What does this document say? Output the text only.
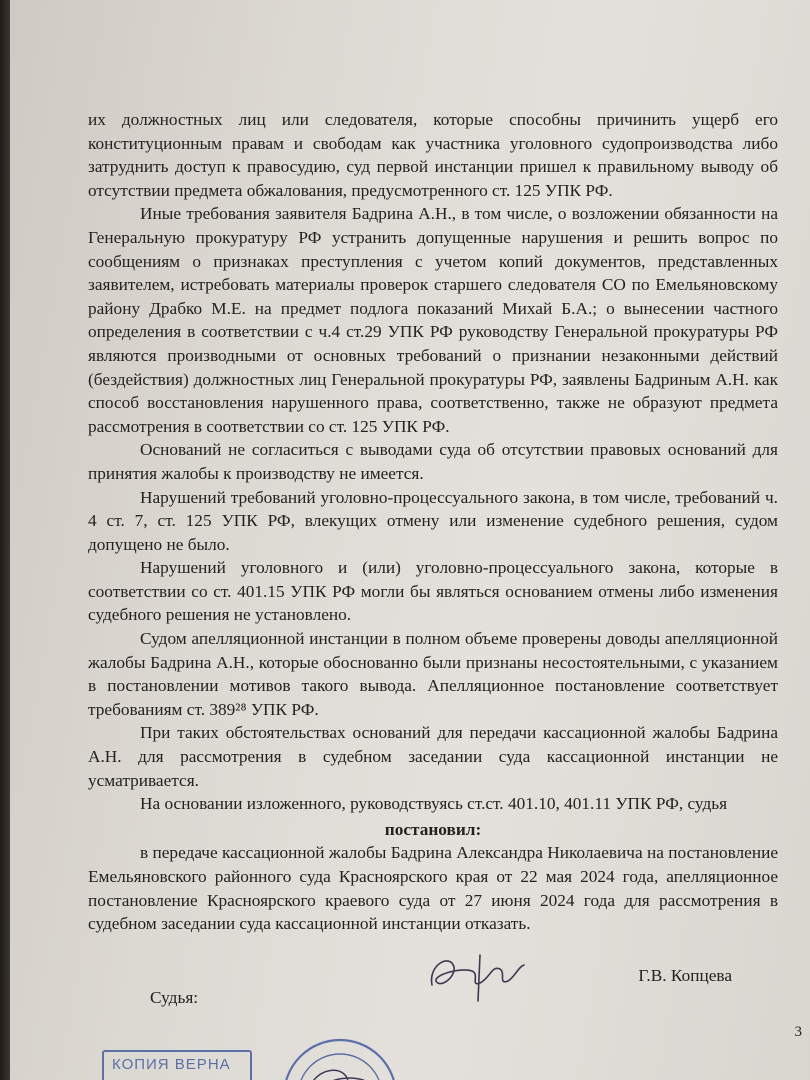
их должностных лиц или следователя, которые способны причинить ущерб его конституционным правам и свободам как участника уголовного судопроизводства либо затруднить доступ к правосудию, суд первой инстанции пришел к правильному выводу об отсутствии предмета обжалования, предусмотренного ст. 125 УПК РФ.

Иные требования заявителя Бадрина А.Н., в том числе, о возложении обязанности на Генеральную прокуратуру РФ устранить допущенные нарушения и решить вопрос по сообщениям о признаках преступления с учетом копий документов, представленных заявителем, истребовать материалы проверок старшего следователя СО по Емельяновскому району Драбко М.Е. на предмет подлога показаний Михай Б.А.; о вынесении частного определения в соответствии с ч.4 ст.29 УПК РФ руководству Генеральной прокуратуры РФ являются производными от основных требований о признании незаконными действий (бездействия) должностных лиц Генеральной прокуратуры РФ, заявлены Бадриным А.Н. как способ восстановления нарушенного права, соответственно, также не образуют предмета рассмотрения в соответствии со ст. 125 УПК РФ.

Оснований не согласиться с выводами суда об отсутствии правовых оснований для принятия жалобы к производству не имеется.

Нарушений требований уголовно-процессуального закона, в том числе, требований ч. 4 ст. 7, ст. 125 УПК РФ, влекущих отмену или изменение судебного решения, судом допущено не было.

Нарушений уголовного и (или) уголовно-процессуального закона, которые в соответствии со ст. 401.15 УПК РФ могли бы являться основанием отмены либо изменения судебного решения не установлено.

Судом апелляционной инстанции в полном объеме проверены доводы апелляционной жалобы Бадрина А.Н., которые обоснованно были признаны несостоятельными, с указанием в постановлении мотивов такого вывода. Апелляционное постановление соответствует требованиям ст. 389²⁸ УПК РФ.

При таких обстоятельствах оснований для передачи кассационной жалобы Бадрина А.Н. для рассмотрения в судебном заседании суда кассационной инстанции не усматривается.

На основании изложенного, руководствуясь ст.ст. 401.10, 401.11 УПК РФ, судья

постановил:

в передаче кассационной жалобы Бадрина Александра Николаевича на постановление Емельяновского районного суда Красноярского края от 22 мая 2024 года, апелляционное постановление Красноярского краевого суда от 27 июня 2024 года для рассмотрения в судебном заседании суда кассационной инстанции отказать.

Г.В. Копцева
Судья:
3
КОПИЯ ВЕРНА
